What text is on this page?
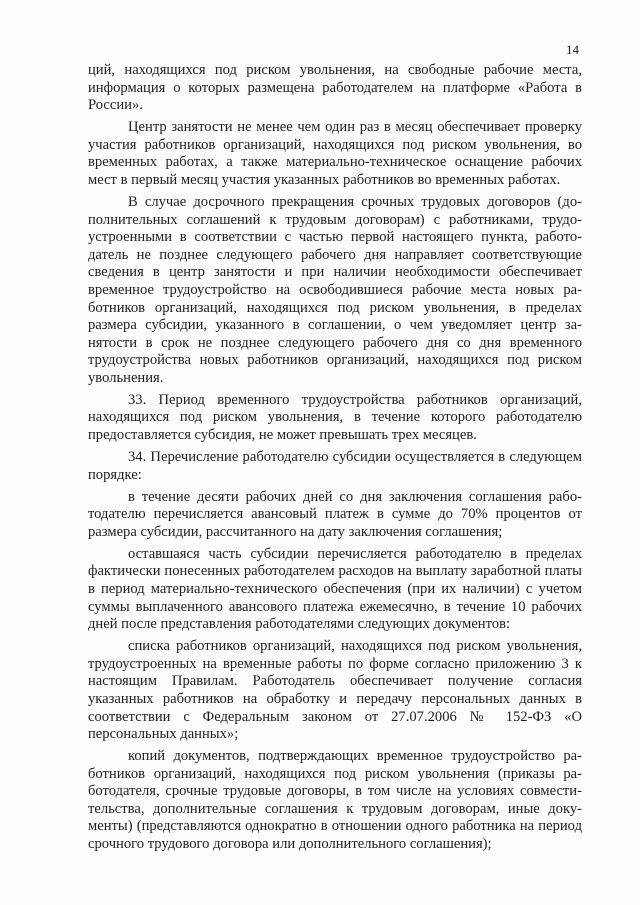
14

ций, находящихся под риском увольнения, на свободные рабочие места, информация о которых размещена работодателем на платформе «Работа в России».

Центр занятости не менее чем один раз в месяц обеспечивает проверку участия работников организаций, находящихся под риском увольнения, во временных работах, а также материально-техническое оснащение рабочих мест в первый месяц участия указанных работников во временных работах.

В случае досрочного прекращения срочных трудовых договоров (дополнительных соглашений к трудовым договорам) с работниками, трудоустроенными в соответствии с частью первой настоящего пункта, работодатель не позднее следующего рабочего дня направляет соответствующие сведения в центр занятости и при наличии необходимости обеспечивает временное трудоустройство на освободившиеся рабочие места новых работников организаций, находящихся под риском увольнения, в пределах размера субсидии, указанного в соглашении, о чем уведомляет центр занятости в срок не позднее следующего рабочего дня со дня временного трудоустройства новых работников организаций, находящихся под риском увольнения.

33. Период временного трудоустройства работников организаций, находящихся под риском увольнения, в течение которого работодателю предоставляется субсидия, не может превышать трех месяцев.

34. Перечисление работодателю субсидии осуществляется в следующем порядке:

в течение десяти рабочих дней со дня заключения соглашения работодателю перечисляется авансовый платеж в сумме до 70% процентов от размера субсидии, рассчитанного на дату заключения соглашения;

оставшаяся часть субсидии перечисляется работодателю в пределах фактически понесенных работодателем расходов на выплату заработной платы в период материально-технического обеспечения (при их наличии) с учетом суммы выплаченного авансового платежа ежемесячно, в течение 10 рабочих дней после представления работодателями следующих документов:

списка работников организаций, находящихся под риском увольнения, трудоустроенных на временные работы по форме согласно приложению 3 к настоящим Правилам. Работодатель обеспечивает получение согласия указанных работников на обработку и передачу персональных данных в соответствии с Федеральным законом от 27.07.2006 № 152-ФЗ «О персональных данных»;

копий документов, подтверждающих временное трудоустройство работников организаций, находящихся под риском увольнения (приказы работодателя, срочные трудовые договоры, в том числе на условиях совместительства, дополнительные соглашения к трудовым договорам, иные документы) (представляются однократно в отношении одного работника на период срочного трудового договора или дополнительного соглашения);
